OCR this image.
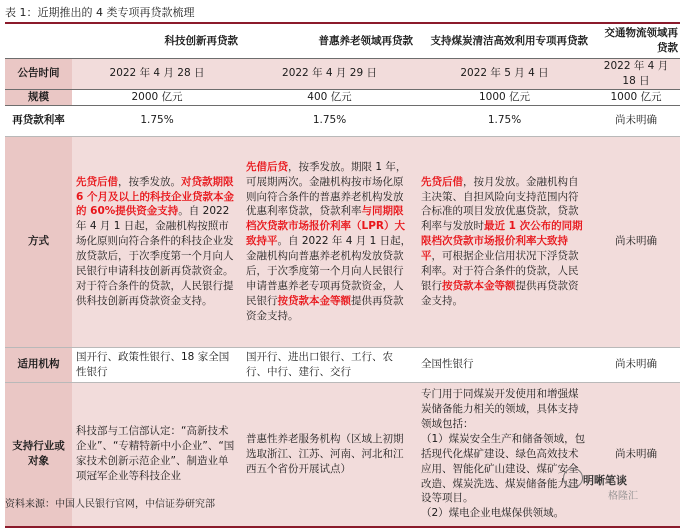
表 1：近期推出的 4 类专项再贷款梳理
	科技创新再贷款	普惠养老领域再贷款	支持煤炭清洁高效利用专项再贷款	交通物流领域再贷款
公告时间	2022 年 4 月 28 日	2022 年 4 月 29 日	2022 年 5 月 4 日	2022 年 4 月 18 日
规模	2000 亿元	400 亿元	1000 亿元	1000 亿元
再贷款利率	1.75%	1.75%	1.75%	尚未明确
方式	先贷后借，按季发放。对贷款期限 6 个月及以上的科技企业贷款本金的 60%提供资金支持。自 2022 年 4 月 1 日起，金融机构按照市场化原则向符合条件的科技企业发放贷款后，于次季度第一个月向人民银行申请科技创新再贷款资金。对于符合条件的贷款，人民银行提供科技创新再贷款资金支持。	先借后贷，按季发放。期限 1 年，可展期两次。金融机构按市场化原则向符合条件的普惠养老机构发放优惠利率贷款，贷款利率与同期限档次贷款市场报价利率（LPR）大致持平。自 2022 年 4 月 1 日起，金融机构向普惠养老机构发放贷款后，于次季度第一个月向人民银行申请普惠养老专项再贷款资金，人民银行按贷款本金等额提供再贷款资金支持。	先贷后借，按月发放。金融机构自主决策、自担风险向支持范围内符合标准的项目发放优惠贷款，贷款利率与发放时最近 1 次公布的同期限档次贷款市场报价利率大致持平，可根据企业信用状况下浮贷款利率。对于符合条件的贷款，人民银行按贷款本金等额提供再贷款资金支持。	尚未明确
适用机构	国开行、政策性银行、18 家全国性银行	国开行、进出口银行、工行、农行、中行、建行、交行	全国性银行	尚未明确
支持行业或对象	科技部与工信部认定：“高新技术企业”、“专精特新中小企业”、“国家技术创新示范企业”、制造业单项冠军企业等科技企业	普惠性养老服务机构（区域上初期选取浙江、江苏、河南、河北和江西五个省份开展试点）	专门用于同煤炭开发使用和增强煤炭储备能力相关的领域，具体支持领域包括：
（1）煤炭安全生产和储备领域，包括现代化煤矿建设、绿色高效技术应用、智能化矿山建设、煤矿安全改造、煤炭洗选、煤炭储备能力建设等项目。
（2）煤电企业电煤保供领域。	尚未明确
明晰笔谈
格隆汇
资料来源：中国人民银行官网，中信证券研究部
